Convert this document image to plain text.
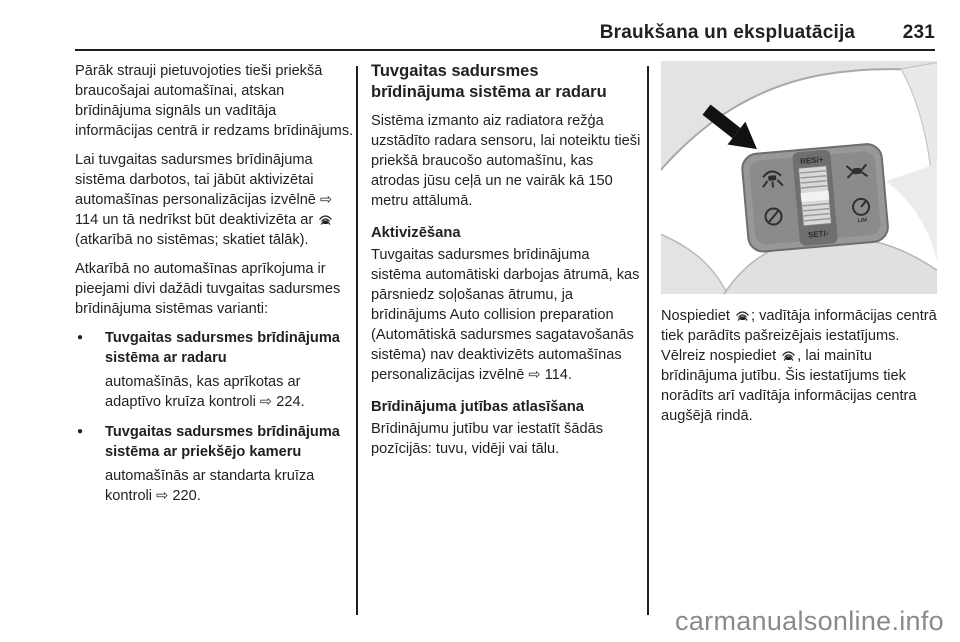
Braukšana un ekspluatācija 231

Pārāk strauji pietuvojoties tieši priekšā braucošajai automašīnai, atskan brīdinājuma signāls un vadītāja informācijas centrā ir redzams brīdinājums.

Lai tuvgaitas sadursmes brīdinājuma sistēma darbotos, tai jābūt aktivizētai automašīnas personalizācijas izvēlnē ⇨ 114 un tā nedrīkst būt deaktivizēta ar  (atkarībā no sistēmas; skatiet tālāk).

Atkarībā no automašīnas aprīkojuma ir pieejami divi dažādi tuvgaitas sadursmes brīdinājuma sistēmas varianti:

●	Tuvgaitas sadursmes brīdinājuma sistēma ar radaru
automašīnās, kas aprīkotas ar adaptīvo kruīza kontroli ⇨ 224.
●	Tuvgaitas sadursmes brīdinājuma sistēma ar priekšējo kameru
automašīnās ar standarta kruīza kontroli ⇨ 220.
Tuvgaitas sadursmes brīdinājuma sistēma ar radaru

Sistēma izmanto aiz radiatora režģa uzstādīto radara sensoru, lai noteiktu tieši priekšā braucošo automašīnu, kas atrodas jūsu ceļā un ne vairāk kā 150 metru attālumā.

Aktivizēšana

Tuvgaitas sadursmes brīdinājuma sistēma automātiski darbojas ātrumā, kas pārsniedz soļošanas ātrumu, ja brīdinājums Auto collision preparation (Automātiskā sadursmes sagatavošanās sistēma) nav deaktivizēts automašīnas personalizācijas izvēlnē ⇨ 114.

Brīdinājuma jutības atlasīšana

Brīdinājumu jutību var iestatīt šādās pozīcijās: tuvu, vidēji vai tālu.

RES/+
SET/-
LIM

Nospiediet ; vadītāja informācijas centrā tiek parādīts pašreizējais iestatījums. Vēlreiz nospiediet , lai mainītu brīdinājuma jutību. Šis iestatījums tiek norādīts arī vadītāja informācijas centra augšējā rindā.

carmanualsonline.info
